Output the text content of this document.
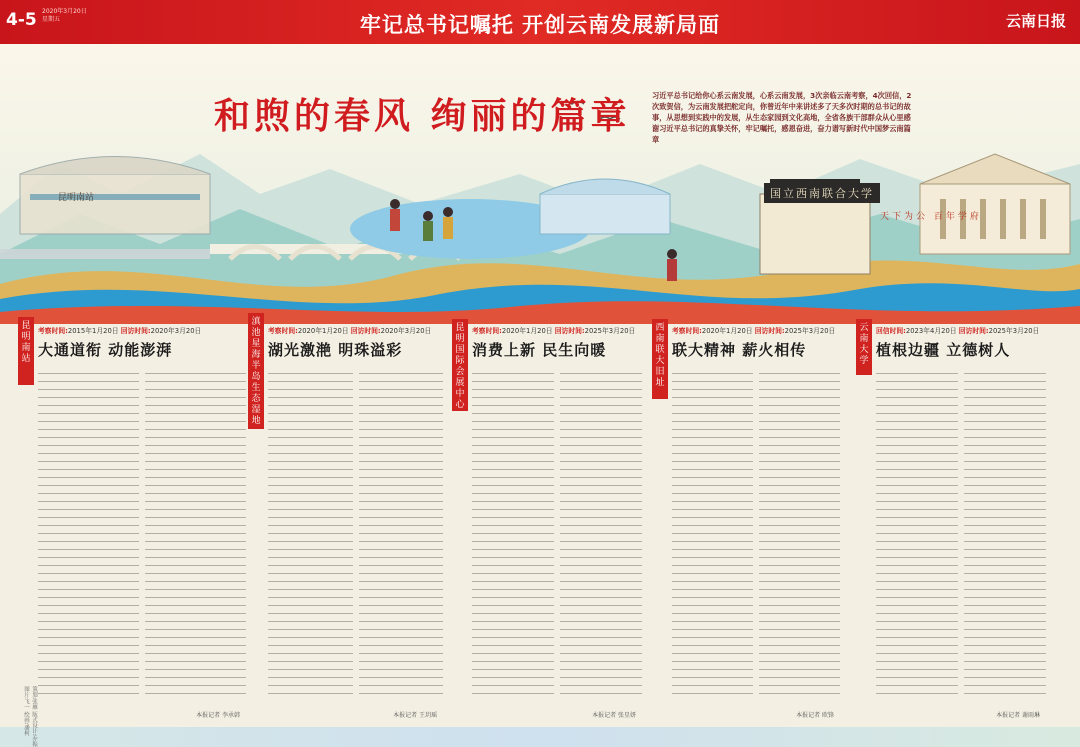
4-5 2020年3月20日
星期五	牢记总书记嘱托 开创云南发展新局面	云南日报
和煦的春风 绚丽的篇章	习近平总书记给你心系云南发展，心系云南发展，3次亲临云南考察，4次回信，2次致贺信，为云南发展把舵定向，你曾近年中来讲述多了天多次时期的总书记的故事，从思想到实践中的发展，从生态家园到文化高地，全省各族干部群众从心里感谢习近平总书记的真挚关怀，牢记嘱托，感恩奋进，奋力谱写新时代中国梦云南篇章
昆明南站	国立西南联合大学
天下为公 百年学府
昆明南站
考察时间:2015年1月20日 回访时间:2020年3月20日
大通道衔 动能澎湃
本报记者 李承韩
滇池星海半岛生态湿地
考察时间:2020年1月20日 回访时间:2020年3月20日
湖光激滟 明珠溢彩
本报记者 王玥瑶
昆明国际会展中心
考察时间:2020年1月20日 回访时间:2025年3月20日
消费上新 民生向暖
本报记者 张星妍
西南联大旧址
考察时间:2020年1月20日 回访时间:2025年3月20日
联大精神 薪火相传
本报记者 欧锋
云南大学
回信时间:2023年4月20日 回访时间:2025年3月20日
植根边疆 立德树人
本报记者 谢雨琳
策划:张雁 版式设计:乔振 图片:飞一 绘画:潘柯
